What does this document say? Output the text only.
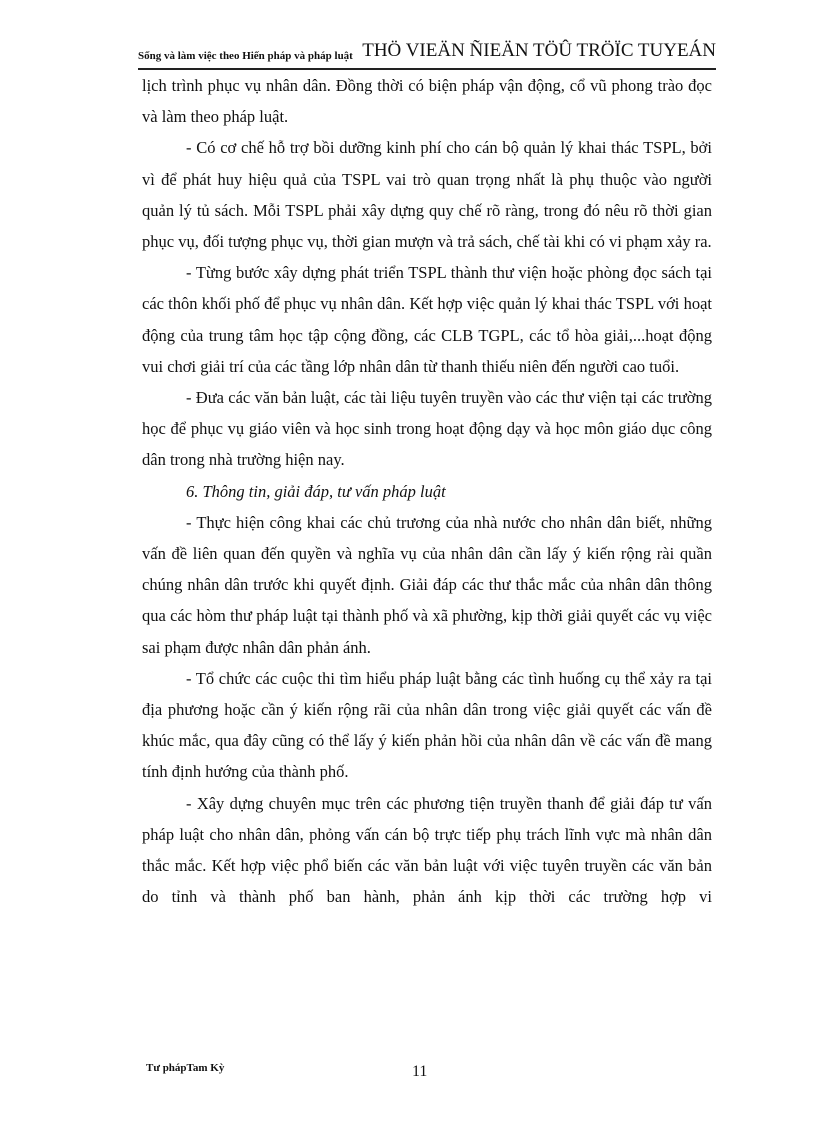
Sống và làm việc theo Hiến pháp và pháp luật THÖ VIEÄN ÑIEÄN TÖÛ TRÖÏC TUYEÁN

lịch trình phục vụ nhân dân. Đồng thời có biện pháp vận động, cổ vũ phong trào đọc và làm theo pháp luật.

- Có cơ chế hỗ trợ bồi dưỡng kinh phí cho cán bộ quản lý khai thác TSPL, bởi vì để phát huy hiệu quả của TSPL vai trò quan trọng nhất là phụ thuộc vào người quản lý tủ sách. Mỗi TSPL phải xây dựng quy chế rõ ràng, trong đó nêu rõ thời gian phục vụ, đối tượng phục vụ, thời gian mượn và trả sách, chế tài khi có vi phạm xảy ra.

- Từng bước xây dựng phát triển TSPL thành thư viện hoặc phòng đọc sách tại các thôn khối phố để phục vụ nhân dân. Kết hợp việc quản lý khai thác TSPL với hoạt động của trung tâm học tập cộng đồng, các CLB TGPL, các tổ hòa giải,...hoạt động vui chơi giải trí của các tầng lớp nhân dân từ thanh thiếu niên đến người cao tuổi.

- Đưa các văn bản luật, các tài liệu tuyên truyền vào các thư viện tại các trường học để phục vụ giáo viên và học sinh trong hoạt động dạy và học môn giáo dục công dân trong nhà trường hiện nay.

6. Thông tin, giải đáp, tư vấn pháp luật

- Thực hiện công khai các chủ trương của nhà nước cho nhân dân biết, những vấn đề liên quan đến quyền và nghĩa vụ của nhân dân cần lấy ý kiến rộng rài quần chúng nhân dân trước khi quyết định. Giải đáp các thư thắc mắc của nhân dân thông qua các hòm thư pháp luật tại thành phố và xã phường, kịp thời giải quyết các vụ việc sai phạm được nhân dân phản ánh.

- Tổ chức các cuộc thi tìm hiểu pháp luật bằng các tình huống cụ thể xảy ra tại địa phương hoặc cần ý kiến rộng rãi của nhân dân trong việc giải quyết các vấn đề khúc mắc, qua đây cũng có thể lấy ý kiến phản hồi của nhân dân về các vấn đề mang tính định hướng của thành phố.

- Xây dựng chuyên mục trên các phương tiện truyền thanh để giải đáp tư vấn pháp luật cho nhân dân, phỏng vấn cán bộ trực tiếp phụ trách lĩnh vực mà nhân dân thắc mắc. Kết hợp việc phổ biến các văn bản luật với việc tuyên truyền các văn bản do tỉnh và thành phố ban hành, phản ánh kịp thời các trường hợp vi

Tư phápTam Kỳ	11
